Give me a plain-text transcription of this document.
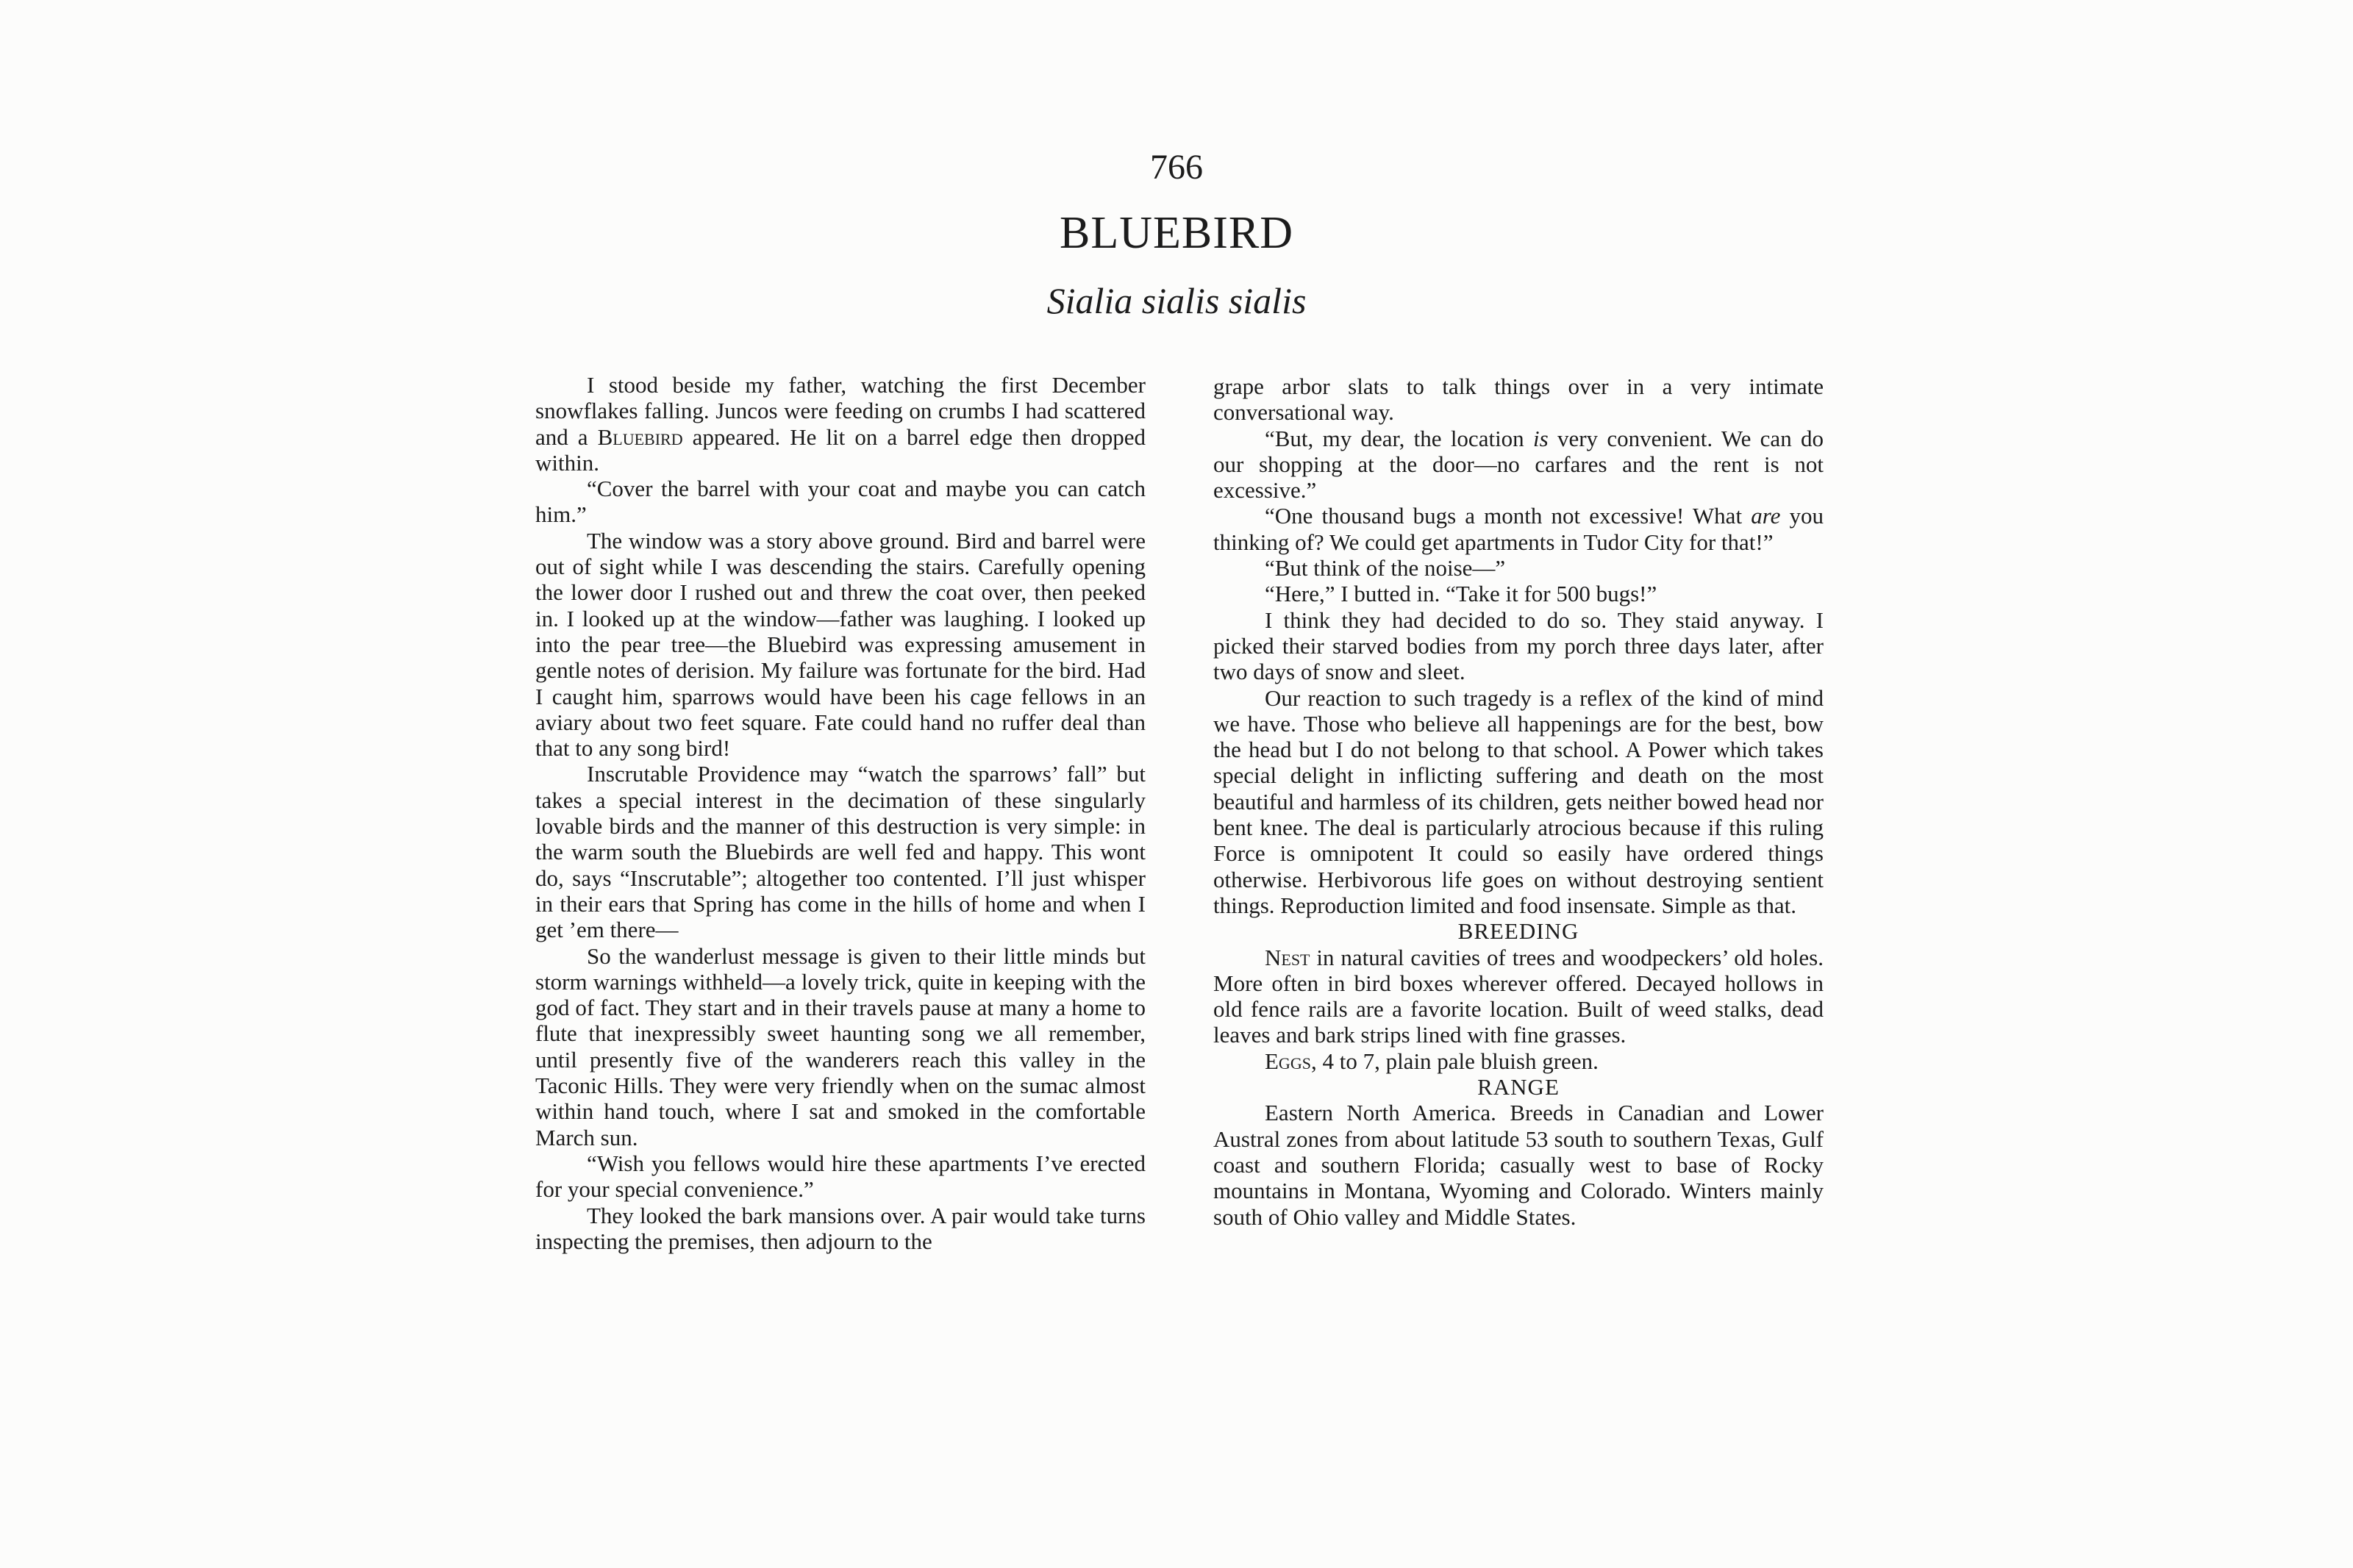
766
BLUEBIRD
Sialia sialis sialis

I stood beside my father, watching the first December snowflakes falling. Juncos were feeding on crumbs I had scattered and a Bluebird appeared. He lit on a barrel edge then dropped within.

“Cover the barrel with your coat and maybe you can catch him.”

The window was a story above ground. Bird and barrel were out of sight while I was descending the stairs. Carefully opening the lower door I rushed out and threw the coat over, then peeked in. I looked up at the window—father was laughing. I looked up into the pear tree—the Bluebird was expressing amusement in gentle notes of derision. My failure was fortunate for the bird. Had I caught him, sparrows would have been his cage fellows in an aviary about two feet square. Fate could hand no ruffer deal than that to any song bird!

Inscrutable Providence may “watch the sparrows’ fall” but takes a special interest in the decimation of these singularly lovable birds and the manner of this destruction is very simple: in the warm south the Bluebirds are well fed and happy. This wont do, says “Inscrutable”; altogether too contented. I’ll just whisper in their ears that Spring has come in the hills of home and when I get ’em there—

So the wanderlust message is given to their little minds but storm warnings withheld—a lovely trick, quite in keeping with the god of fact. They start and in their travels pause at many a home to flute that inexpressibly sweet haunting song we all remember, until presently five of the wanderers reach this valley in the Taconic Hills. They were very friendly when on the sumac almost within hand touch, where I sat and smoked in the comfortable March sun.

“Wish you fellows would hire these apartments I’ve erected for your special convenience.”

They looked the bark mansions over. A pair would take turns inspecting the premises, then adjourn to the

grape arbor slats to talk things over in a very intimate conversational way.

“But, my dear, the location is very convenient. We can do our shopping at the door—no carfares and the rent is not excessive.”

“One thousand bugs a month not excessive! What are you thinking of? We could get apartments in Tudor City for that!”

“But think of the noise—”

“Here,” I butted in. “Take it for 500 bugs!”

I think they had decided to do so. They staid anyway. I picked their starved bodies from my porch three days later, after two days of snow and sleet.

Our reaction to such tragedy is a reflex of the kind of mind we have. Those who believe all happenings are for the best, bow the head but I do not belong to that school. A Power which takes special delight in inflicting suffering and death on the most beautiful and harmless of its children, gets neither bowed head nor bent knee. The deal is particularly atrocious because if this ruling Force is omnipotent It could so easily have ordered things otherwise. Herbivorous life goes on without destroying sentient things. Reproduction limited and food insensate. Simple as that.

BREEDING

Nest in natural cavities of trees and woodpeckers’ old holes. More often in bird boxes wherever offered. Decayed hollows in old fence rails are a favorite location. Built of weed stalks, dead leaves and bark strips lined with fine grasses.

Eggs, 4 to 7, plain pale bluish green.

RANGE

Eastern North America. Breeds in Canadian and Lower Austral zones from about latitude 53 south to southern Texas, Gulf coast and southern Florida; casually west to base of Rocky mountains in Montana, Wyoming and Colorado. Winters mainly south of Ohio valley and Middle States.
